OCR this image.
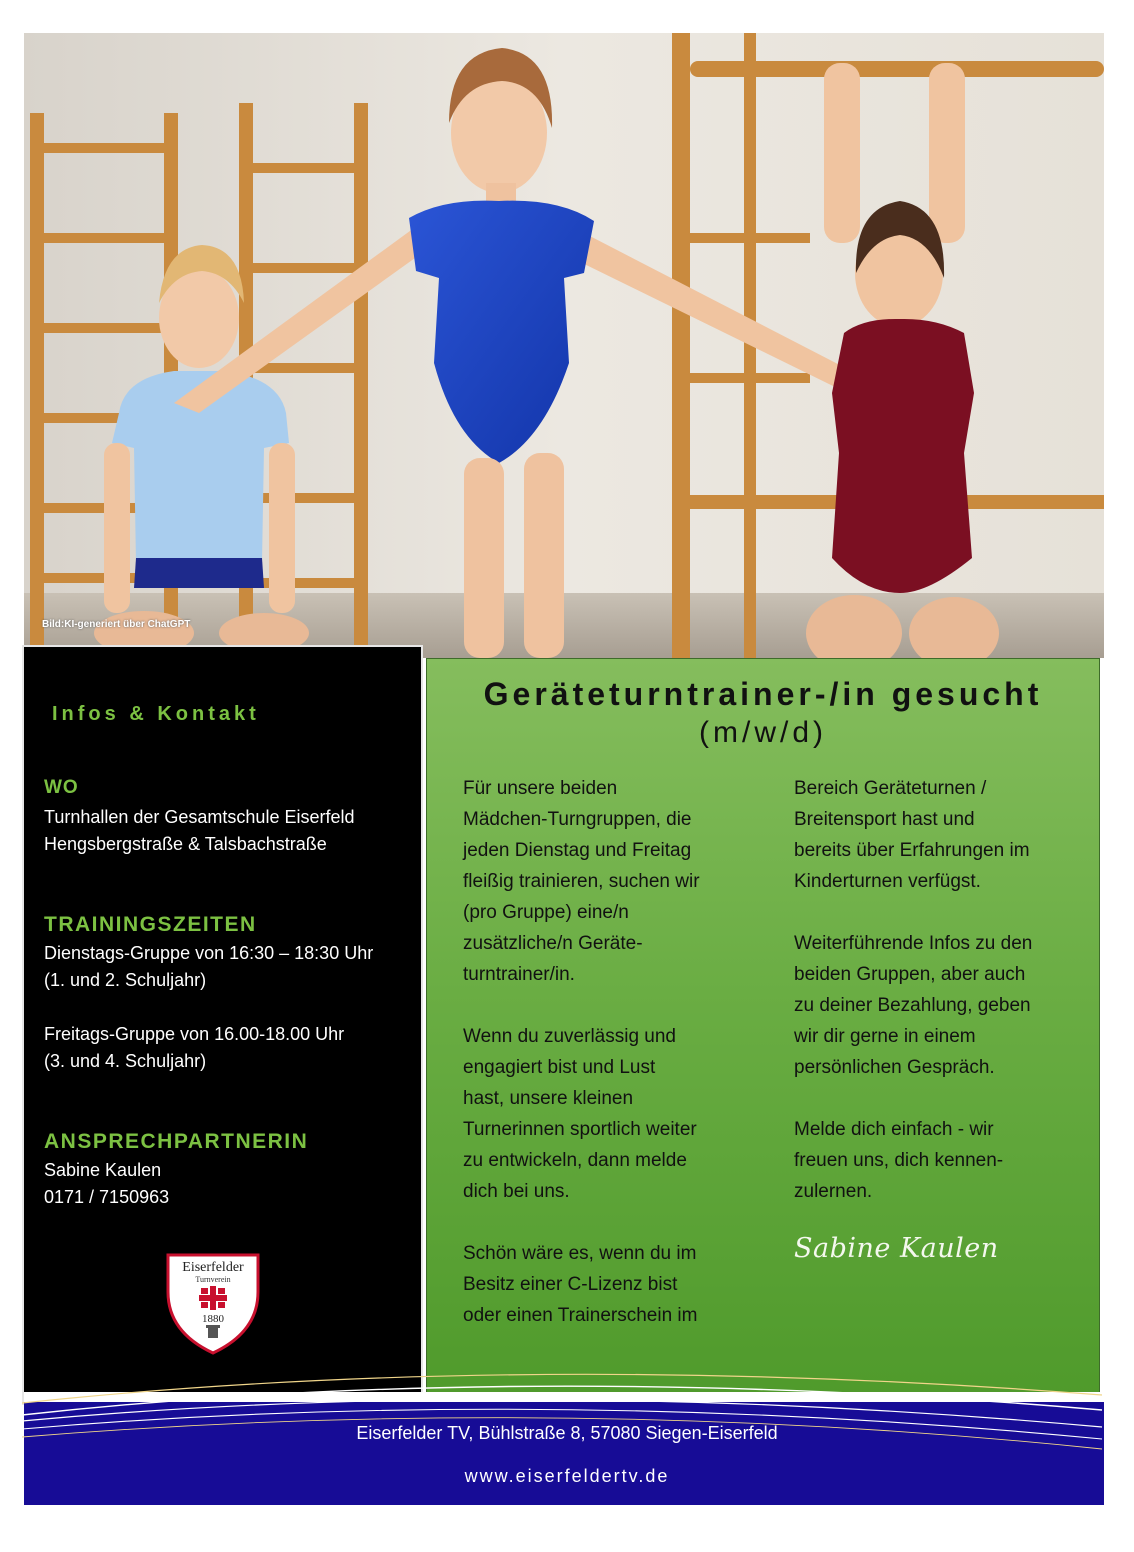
Bild:KI-generiert über ChatGPT
Infos & Kontakt
WO
Turnhallen der Gesamtschule Eiserfeld
Hengsbergstraße & Talsbachstraße
TRAININGSZEITEN
Dienstags-Gruppe von 16:30 – 18:30 Uhr
(1. und 2. Schuljahr)
Freitags-Gruppe von 16.00-18.00 Uhr
(3. und 4. Schuljahr)
ANSPRECHPARTNERIN
Sabine Kaulen
0171 / 7150963
Eiserfelder
Turnverein
1880
Geräteturntrainer-/in gesucht
(m/w/d)
Für unsere beiden
Mädchen-Turngruppen, die
jeden Dienstag und Freitag
fleißig trainieren, suchen wir
(pro Gruppe) eine/n
zusätzliche/n Geräte-
turntrainer/in.
Wenn du zuverlässig und
engagiert bist und Lust
hast, unsere kleinen
Turnerinnen sportlich weiter
zu entwickeln, dann melde
dich bei uns.
Schön wäre es, wenn du im
Besitz einer C-Lizenz bist
oder einen Trainerschein im
Bereich Geräteturnen /
Breitensport hast und
bereits über Erfahrungen im
Kinderturnen verfügst.
Weiterführende Infos zu den
beiden Gruppen, aber auch
zu deiner Bezahlung, geben
wir dir gerne in einem
persönlichen Gespräch.
Melde dich einfach - wir
freuen uns, dich kennen-
zulernen.
Sabine Kaulen
Eiserfelder TV, Bühlstraße 8, 57080 Siegen-Eiserfeld
www.eiserfeldertv.de
